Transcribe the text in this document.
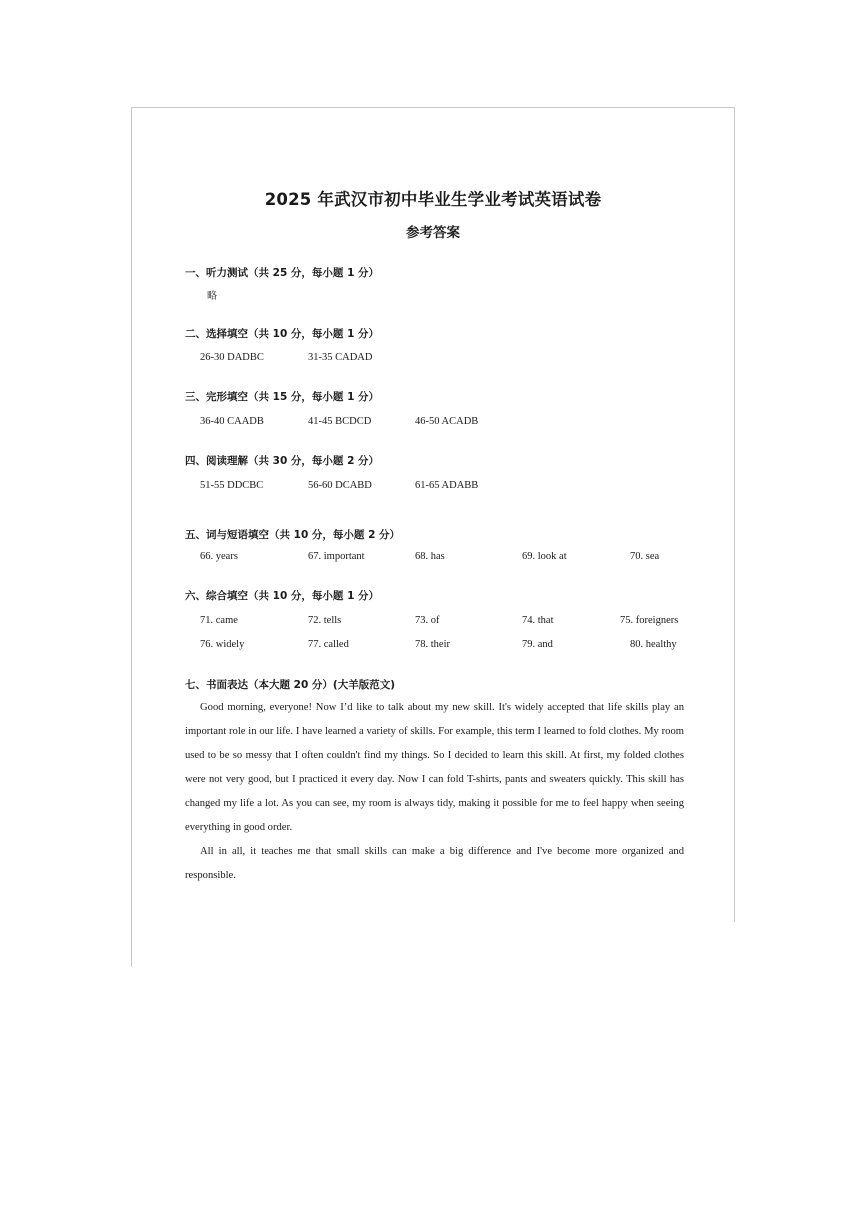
2025 年武汉市初中毕业生学业考试英语试卷
参考答案
一、听力测试（共 25 分，每小题 1 分）
略
二、选择填空（共 10 分，每小题 1 分）
26-30 DADBC	31-35 CADAD
三、完形填空（共 15 分，每小题 1 分）
36-40 CAADB	41-45 BCDCD	46-50 ACADB
四、阅读理解（共 30 分，每小题 2 分）
51-55 DDCBC	56-60 DCABD	61-65 ADABB
五、词与短语填空（共 10 分，每小题 2 分）
66. years	67. important	68. has	69. look at	70. sea
六、综合填空（共 10 分，每小题 1 分）
71. came	72. tells	73. of	74. that	75. foreigners
76. widely	77. called	78. their	79. and	80. healthy
七、书面表达（本大题 20 分）(大羊版范文)

Good morning, everyone! Now I’d like to talk about my new skill. It's widely accepted that life skills play an important role in our life. I have learned a variety of skills. For example, this term I learned to fold clothes. My room used to be so messy that I often couldn't find my things. So I decided to learn this skill. At first, my folded clothes were not very good, but I practiced it every day. Now I can fold T-shirts, pants and sweaters quickly. This skill has changed my life a lot. As you can see, my room is always tidy, making it possible for me to feel happy when seeing everything in good order.

All in all, it teaches me that small skills can make a big difference and I've become more organized and responsible.
